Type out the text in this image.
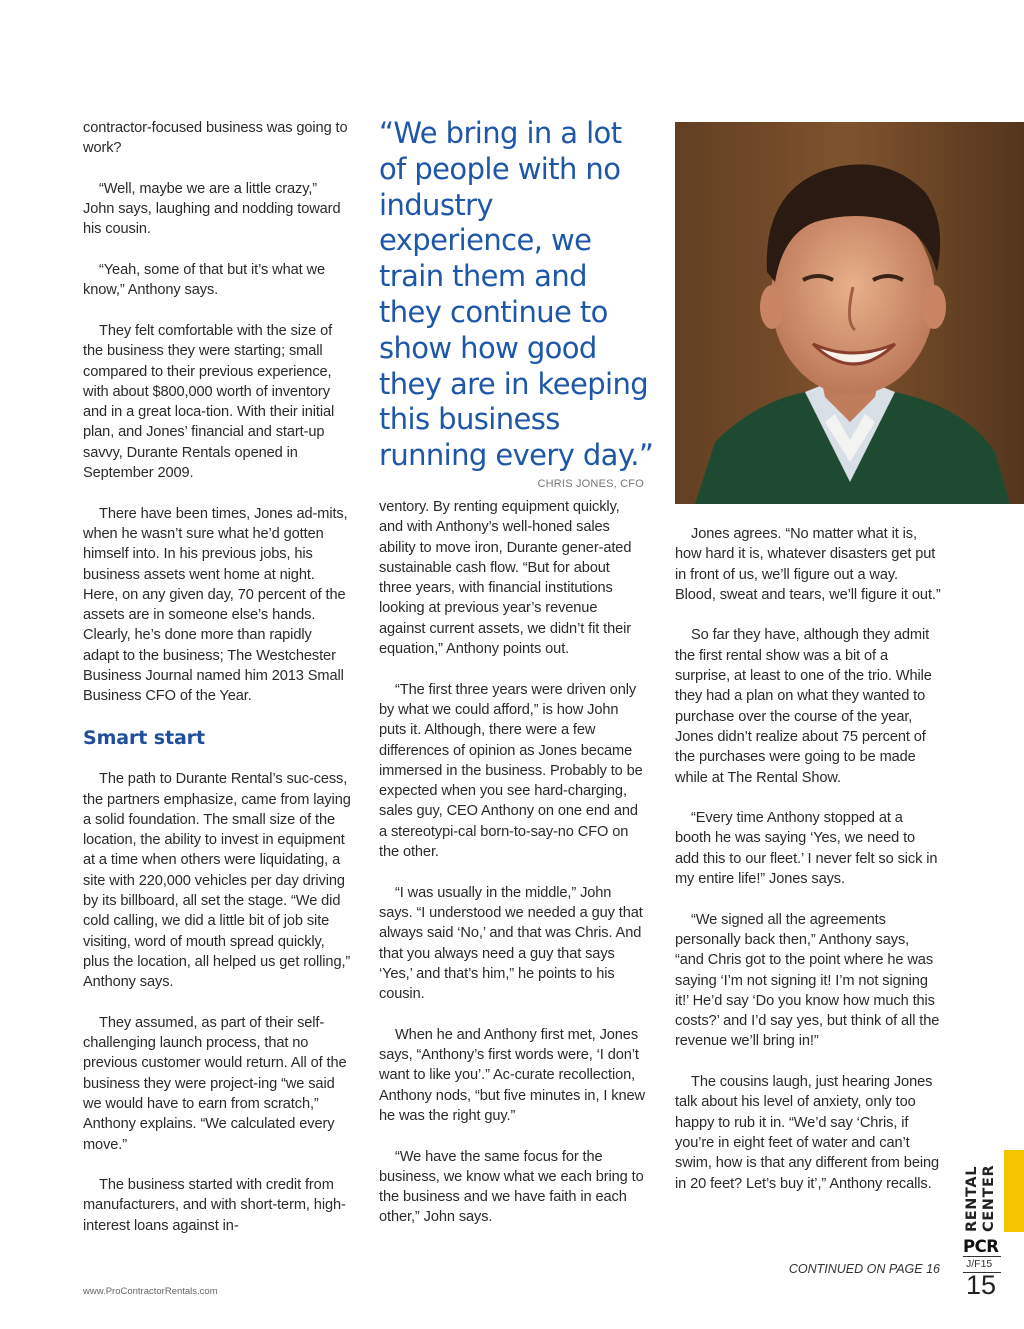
contractor-focused business was going to work?

“Well, maybe we are a little crazy,” John says, laughing and nodding toward his cousin.

“Yeah, some of that but it’s what we know,” Anthony says.

They felt comfortable with the size of the business they were starting; small compared to their previous experience, with about $800,000 worth of inventory and in a great loca-tion. With their initial plan, and Jones’ financial and start-up savvy, Durante Rentals opened in September 2009.

There have been times, Jones ad-mits, when he wasn’t sure what he’d gotten himself into. In his previous jobs, his business assets went home at night. Here, on any given day, 70 percent of the assets are in someone else’s hands. Clearly, he’s done more than rapidly adapt to the business; The Westchester Business Journal named him 2013 Small Business CFO of the Year.

Smart start

The path to Durante Rental’s suc-cess, the partners emphasize, came from laying a solid foundation. The small size of the location, the ability to invest in equipment at a time when others were liquidating, a site with 220,000 vehicles per day driving by its billboard, all set the stage. “We did cold calling, we did a little bit of job site visiting, word of mouth spread quickly, plus the location, all helped us get rolling,” Anthony says.

They assumed, as part of their self-challenging launch process, that no previous customer would return. All of the business they were project-ing “we said we would have to earn from scratch,” Anthony explains. “We calculated every move.”

The business started with credit from manufacturers, and with short-term, high-interest loans against in-

“We bring in a lot of people with no industry experience, we train them and they continue to show how good they are in keeping this business running every day.”

CHRIS JONES, CFO

ventory. By renting equipment quickly, and with Anthony’s well-honed sales ability to move iron, Durante gener-ated sustainable cash flow. “But for about three years, with financial institutions looking at previous year’s revenue against current assets, we didn’t fit their equation,” Anthony points out.

“The first three years were driven only by what we could afford,” is how John puts it. Although, there were a few differences of opinion as Jones became immersed in the business. Probably to be expected when you see hard-charging, sales guy, CEO Anthony on one end and a stereotypi-cal born-to-say-no CFO on the other.

“I was usually in the middle,” John says. “I understood we needed a guy that always said ‘No,’ and that was Chris. And that you always need a guy that says ‘Yes,’ and that’s him,” he points to his cousin.

When he and Anthony first met, Jones says, “Anthony’s first words were, ‘I don’t want to like you’.” Ac-curate recollection, Anthony nods, “but five minutes in, I knew he was the right guy.”

“We have the same focus for the business, we know what we each bring to the business and we have faith in each other,” John says.

Jones agrees. “No matter what it is, how hard it is, whatever disasters get put in front of us, we’ll figure out a way. Blood, sweat and tears, we’ll figure it out.”

So far they have, although they admit the first rental show was a bit of a surprise, at least to one of the trio. While they had a plan on what they wanted to purchase over the course of the year, Jones didn’t realize about 75 percent of the purchases were going to be made while at The Rental Show.

“Every time Anthony stopped at a booth he was saying ‘Yes, we need to add this to our fleet.’ I never felt so sick in my entire life!” Jones says.

“We signed all the agreements personally back then,” Anthony says, “and Chris got to the point where he was saying ‘I’m not signing it! I’m not signing it!’ He’d say ‘Do you know how much this costs?’ and I’d say yes, but think of all the revenue we’ll bring in!”

The cousins laugh, just hearing Jones talk about his level of anxiety, only too happy to rub it in. “We’d say ‘Chris, if you’re in eight feet of water and can’t swim, how is that any different from being in 20 feet? Let’s buy it’,” Anthony recalls.

CONTINUED ON PAGE 16
www.ProContractorRentals.com
RENTAL CENTER
PCR
J/F15
15
